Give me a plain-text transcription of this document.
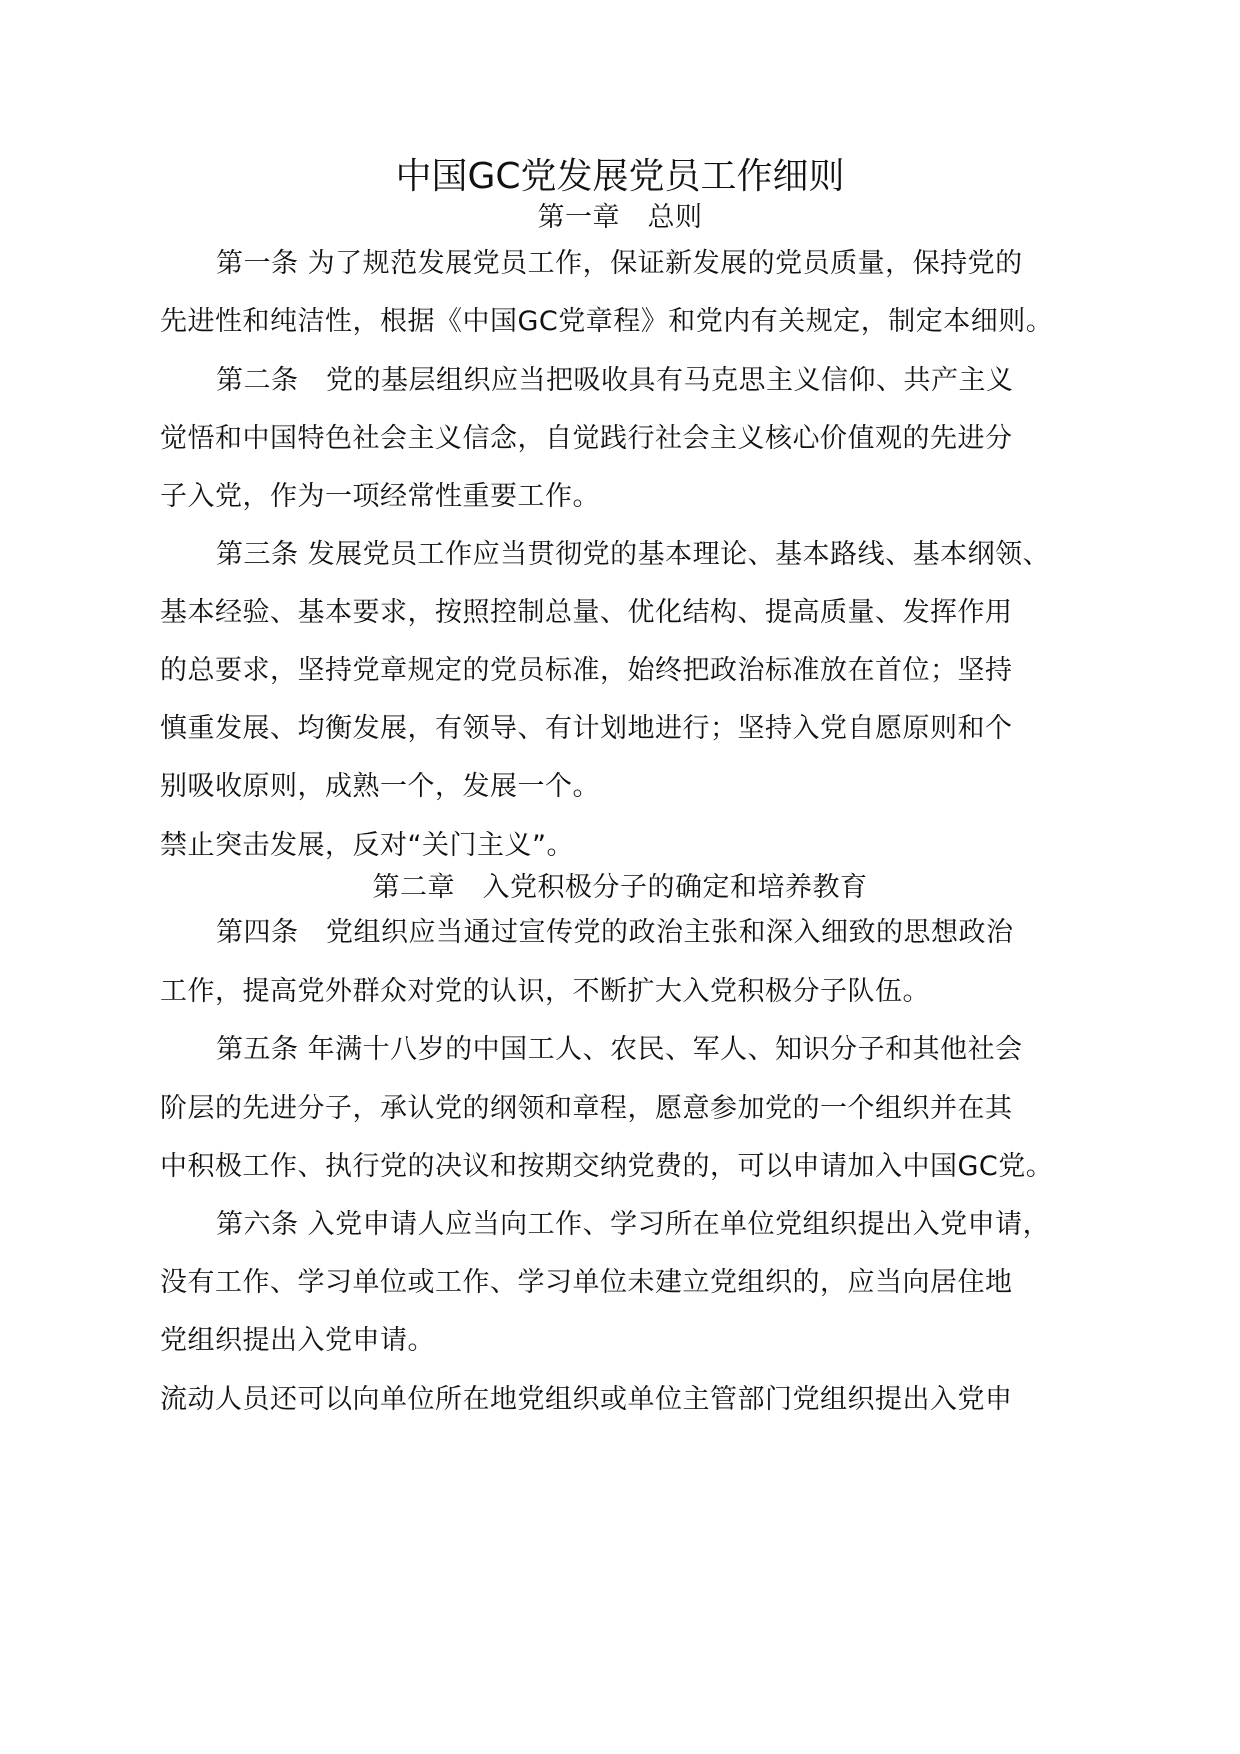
中国GC党发展党员工作细则
第一章　总则
第一条 为了规范发展党员工作，保证新发展的党员质量，保持党的
先进性和纯洁性，根据《中国GC党章程》和党内有关规定，制定本细则。
第二条　党的基层组织应当把吸收具有马克思主义信仰、共产主义
觉悟和中国特色社会主义信念，自觉践行社会主义核心价值观的先进分
子入党，作为一项经常性重要工作。
第三条 发展党员工作应当贯彻党的基本理论、基本路线、基本纲领、
基本经验、基本要求，按照控制总量、优化结构、提高质量、发挥作用
的总要求，坚持党章规定的党员标准，始终把政治标准放在首位；坚持
慎重发展、均衡发展，有领导、有计划地进行；坚持入党自愿原则和个
别吸收原则，成熟一个，发展一个。
禁止突击发展，反对“关门主义”。
第二章　入党积极分子的确定和培养教育
第四条　党组织应当通过宣传党的政治主张和深入细致的思想政治
工作，提高党外群众对党的认识，不断扩大入党积极分子队伍。
第五条 年满十八岁的中国工人、农民、军人、知识分子和其他社会
阶层的先进分子，承认党的纲领和章程，愿意参加党的一个组织并在其
中积极工作、执行党的决议和按期交纳党费的，可以申请加入中国GC党。
第六条 入党申请人应当向工作、学习所在单位党组织提出入党申请，
没有工作、学习单位或工作、学习单位未建立党组织的，应当向居住地
党组织提出入党申请。
流动人员还可以向单位所在地党组织或单位主管部门党组织提出入党申
